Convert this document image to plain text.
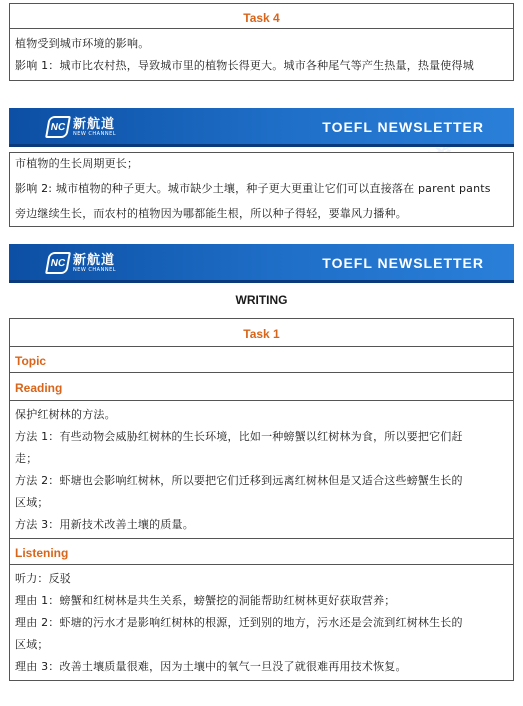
Task 4
植物受到城市环境的影响。
影响 1：城市比农村热，导致城市里的植物长得更大。城市各种尾气等产生热量，热量使得城
NC 新航道
NEW CHANNEL	TOEFL NEWSLETTER
市植物的生长周期更长；
影响 2: 城市植物的种子更大。城市缺少土壤，种子更大更重让它们可以直接落在 parent pants
旁边继续生长，而农村的植物因为哪都能生根，所以种子得轻，要靠风力播种。
NC 新航道
NEW CHANNEL	TOEFL NEWSLETTER
WRITING
Task 1
Topic
Reading
保护红树林的方法。
方法 1：有些动物会威胁红树林的生长环境，比如一种螃蟹以红树林为食，所以要把它们赶
走；
方法 2：虾塘也会影响红树林，所以要把它们迁移到远离红树林但是又适合这些螃蟹生长的
区域；
方法 3：用新技术改善土壤的质量。
Listening
听力：反驳
理由 1：螃蟹和红树林是共生关系，螃蟹挖的洞能帮助红树林更好获取营养；
理由 2：虾塘的污水才是影响红树林的根源，迁到别的地方，污水还是会流到红树林生长的
区域；
理由 3：改善土壤质量很难，因为土壤中的氧气一旦没了就很难再用技术恢复。
